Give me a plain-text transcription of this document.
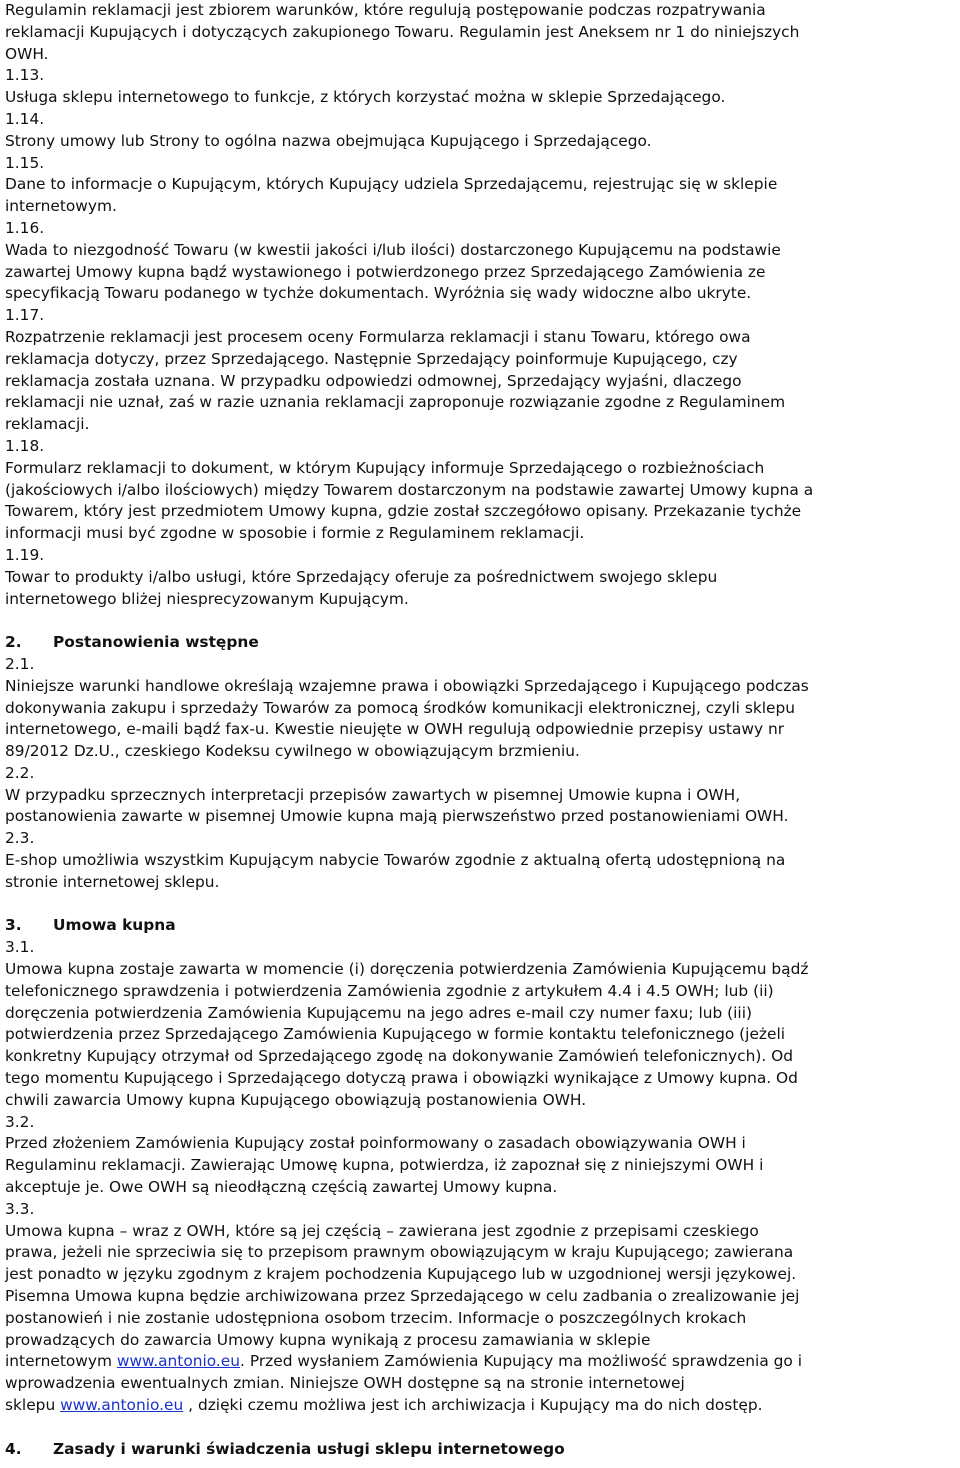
Regulamin reklamacji jest zbiorem warunków, które regulują postępowanie podczas rozpatrywania
reklamacji Kupujących i dotyczących zakupionego Towaru. Regulamin jest Aneksem nr 1 do niniejszych
OWH.
1.13.
Usługa sklepu internetowego to funkcje, z których korzystać można w sklepie Sprzedającego.
1.14.
Strony umowy lub Strony to ogólna nazwa obejmująca Kupującego i Sprzedającego.
1.15.
Dane to informacje o Kupującym, których Kupujący udziela Sprzedającemu, rejestrując się w sklepie
internetowym.
1.16.
Wada to niezgodność Towaru (w kwestii jakości i/lub ilości) dostarczonego Kupującemu na podstawie
zawartej Umowy kupna bądź wystawionego i potwierdzonego przez Sprzedającego Zamówienia ze
specyfikacją Towaru podanego w tychże dokumentach. Wyróżnia się wady widoczne albo ukryte.
1.17.
Rozpatrzenie reklamacji jest procesem oceny Formularza reklamacji i stanu Towaru, którego owa
reklamacja dotyczy, przez Sprzedającego. Następnie Sprzedający poinformuje Kupującego, czy
reklamacja została uznana. W przypadku odpowiedzi odmownej, Sprzedający wyjaśni, dlaczego
reklamacji nie uznał, zaś w razie uznania reklamacji zaproponuje rozwiązanie zgodne z Regulaminem
reklamacji.
1.18.
Formularz reklamacji to dokument, w którym Kupujący informuje Sprzedającego o rozbieżnościach
(jakościowych i/albo ilościowych) między Towarem dostarczonym na podstawie zawartej Umowy kupna a
Towarem, który jest przedmiotem Umowy kupna, gdzie został szczegółowo opisany. Przekazanie tychże
informacji musi być zgodne w sposobie i formie z Regulaminem reklamacji.
1.19.
Towar to produkty i/albo usługi, które Sprzedający oferuje za pośrednictwem swojego sklepu
internetowego bliżej niesprecyzowanym Kupującym.
2. Postanowienia wstępne
2.1.
Niniejsze warunki handlowe określają wzajemne prawa i obowiązki Sprzedającego i Kupującego podczas
dokonywania zakupu i sprzedaży Towarów za pomocą środków komunikacji elektronicznej, czyli sklepu
internetowego, e-maili bądź fax-u. Kwestie nieujęte w OWH regulują odpowiednie przepisy ustawy nr
89/2012 Dz.U., czeskiego Kodeksu cywilnego w obowiązującym brzmieniu.
2.2.
W przypadku sprzecznych interpretacji przepisów zawartych w pisemnej Umowie kupna i OWH,
postanowienia zawarte w pisemnej Umowie kupna mają pierwszeństwo przed postanowieniami OWH.
2.3.
E-shop umożliwia wszystkim Kupującym nabycie Towarów zgodnie z aktualną ofertą udostępnioną na
stronie internetowej sklepu.
3. Umowa kupna
3.1.
Umowa kupna zostaje zawarta w momencie (i) doręczenia potwierdzenia Zamówienia Kupującemu bądź
telefonicznego sprawdzenia i potwierdzenia Zamówienia zgodnie z artykułem 4.4 i 4.5 OWH; lub (ii)
doręczenia potwierdzenia Zamówienia Kupującemu na jego adres e-mail czy numer faxu; lub (iii)
potwierdzenia przez Sprzedającego Zamówienia Kupującego w formie kontaktu telefonicznego (jeżeli
konkretny Kupujący otrzymał od Sprzedającego zgodę na dokonywanie Zamówień telefonicznych). Od
tego momentu Kupującego i Sprzedającego dotyczą prawa i obowiązki wynikające z Umowy kupna. Od
chwili zawarcia Umowy kupna Kupującego obowiązują postanowienia OWH.
3.2.
Przed złożeniem Zamówienia Kupujący został poinformowany o zasadach obowiązywania OWH i
Regulaminu reklamacji. Zawierając Umowę kupna, potwierdza, iż zapoznał się z niniejszymi OWH i
akceptuje je. Owe OWH są nieodłączną częścią zawartej Umowy kupna.
3.3.
Umowa kupna – wraz z OWH, które są jej częścią – zawierana jest zgodnie z przepisami czeskiego
prawa, jeżeli nie sprzeciwia się to przepisom prawnym obowiązującym w kraju Kupującego; zawierana
jest ponadto w języku zgodnym z krajem pochodzenia Kupującego lub w uzgodnionej wersji językowej.
Pisemna Umowa kupna będzie archiwizowana przez Sprzedającego w celu zadbania o zrealizowanie jej
postanowień i nie zostanie udostępniona osobom trzecim. Informacje o poszczególnych krokach
prowadzących do zawarcia Umowy kupna wynikają z procesu zamawiania w sklepie
internetowym www.antonio.eu. Przed wysłaniem Zamówienia Kupujący ma możliwość sprawdzenia go i
wprowadzenia ewentualnych zmian. Niniejsze OWH dostępne są na stronie internetowej
sklepu www.antonio.eu , dzięki czemu możliwa jest ich archiwizacja i Kupujący ma do nich dostęp.
4. Zasady i warunki świadczenia usługi sklepu internetowego
